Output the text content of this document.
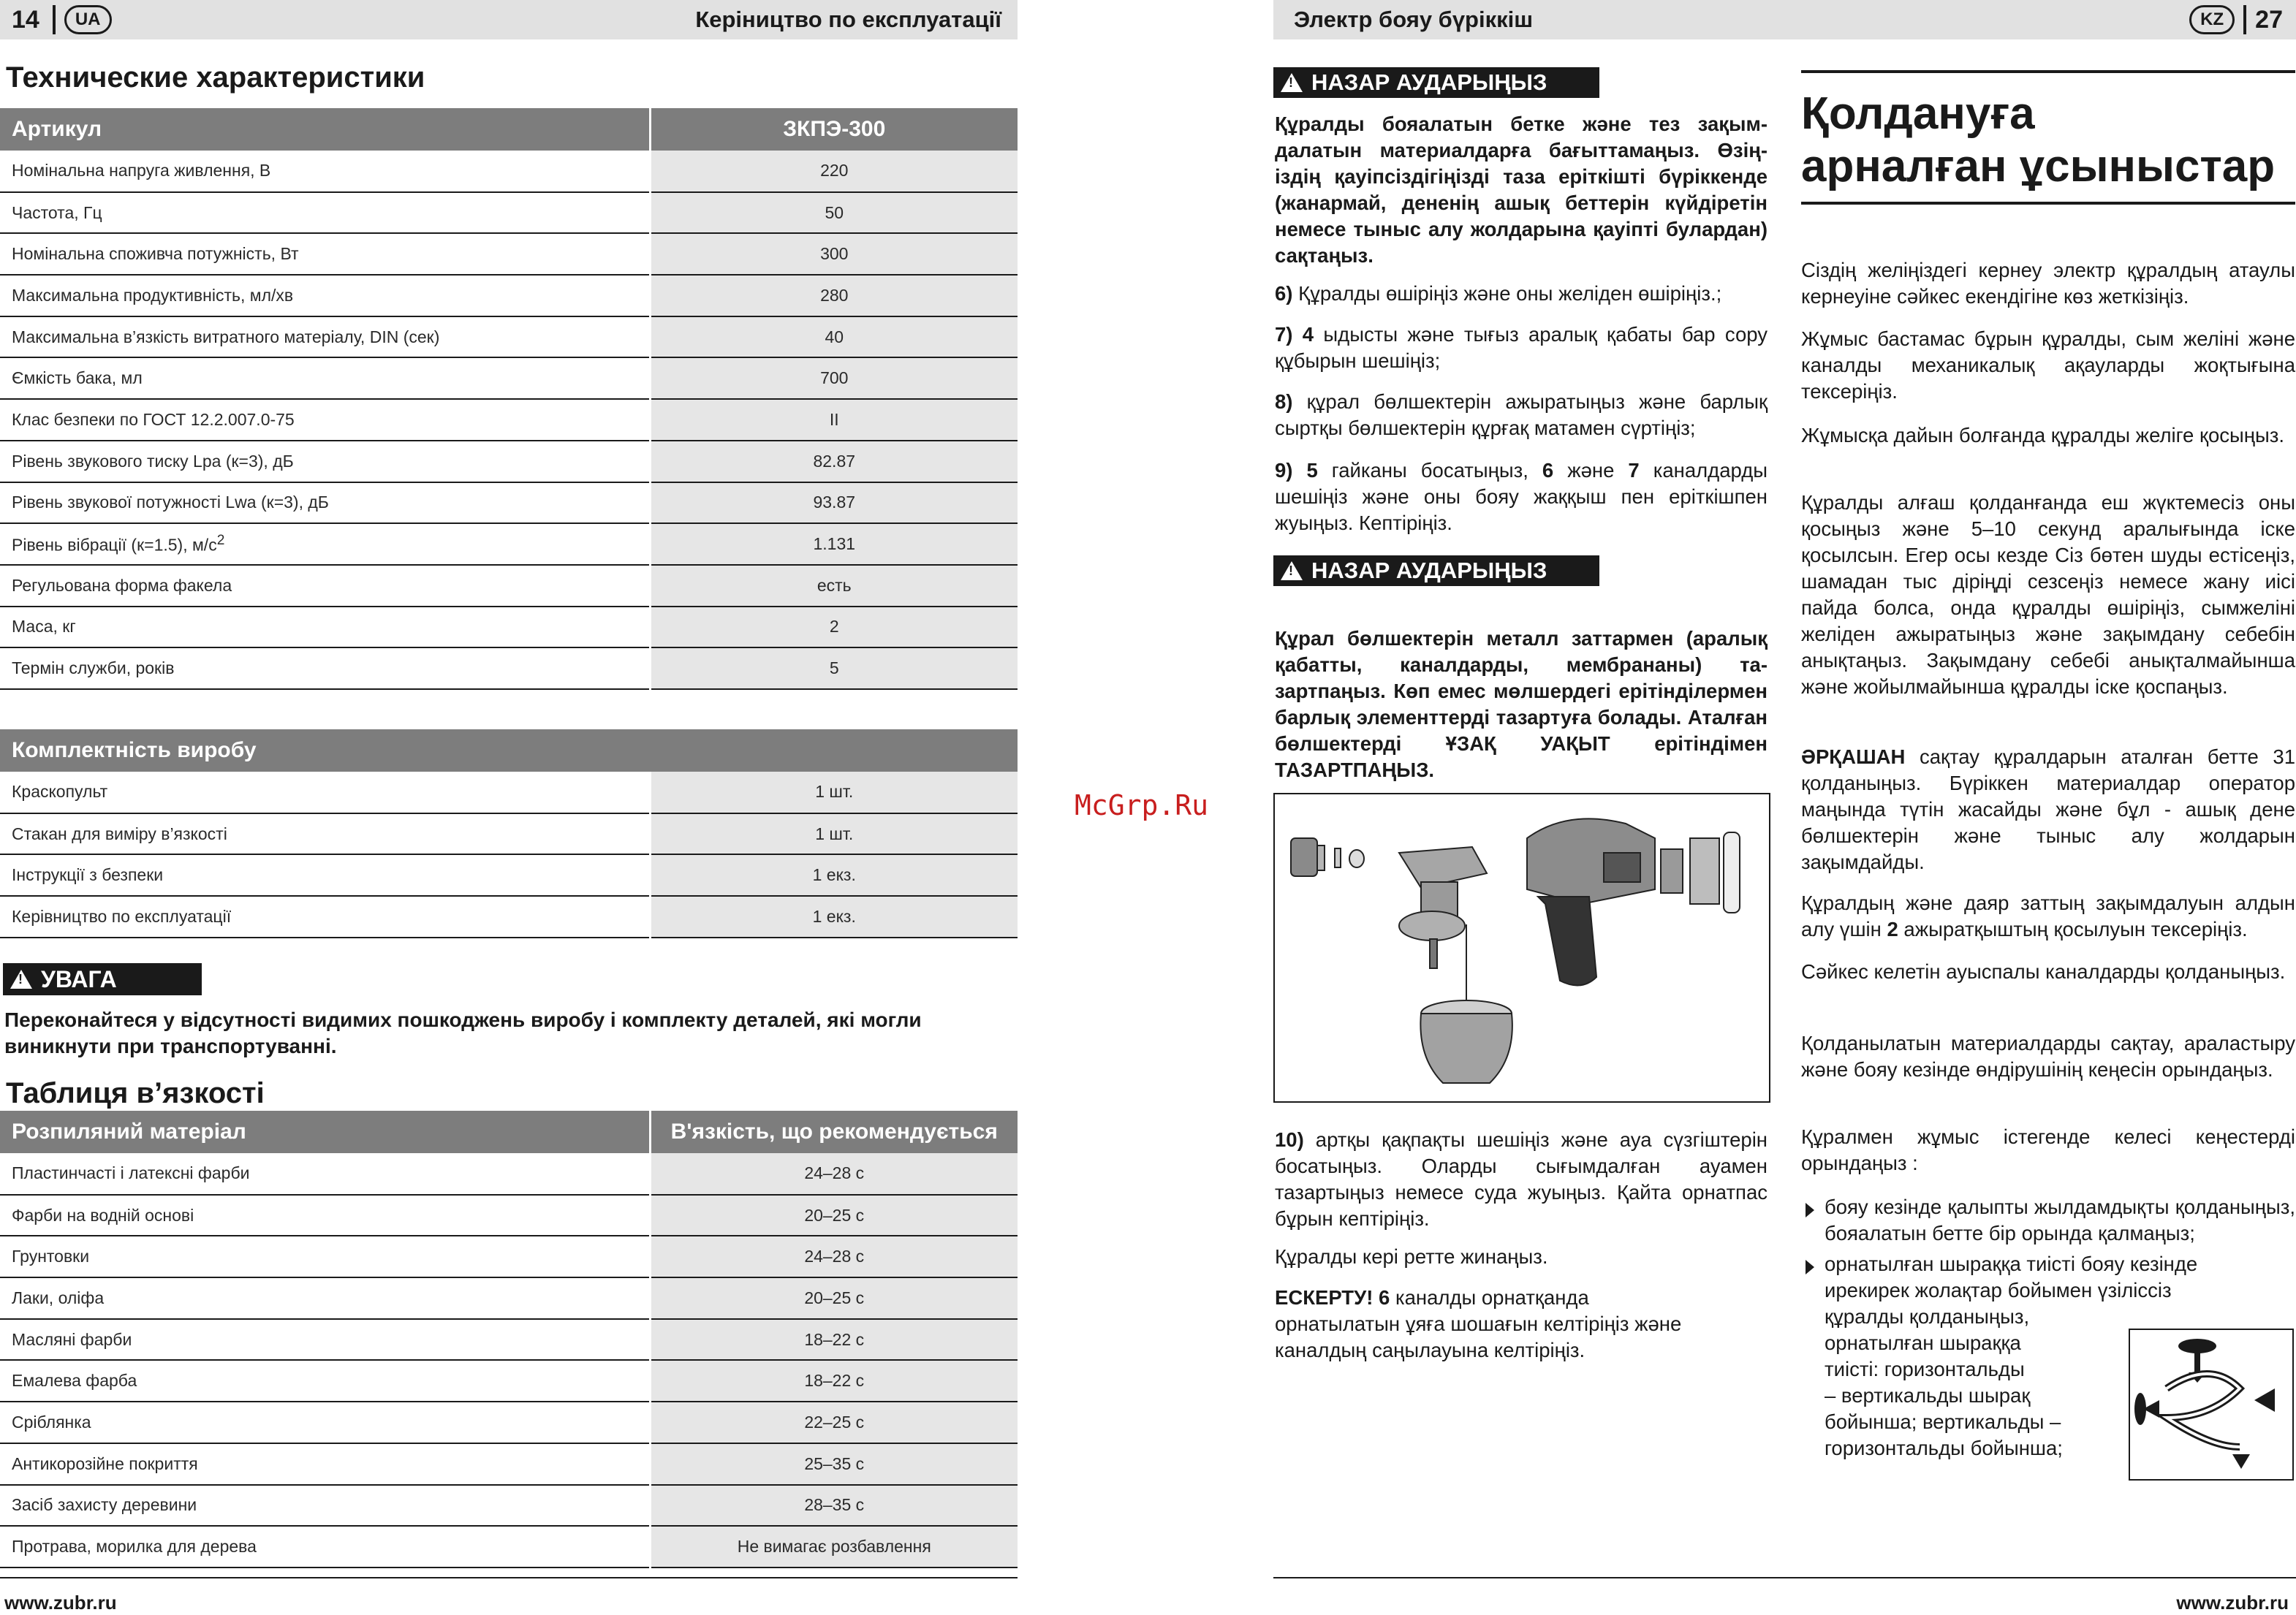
14	UA	Керіництво по експлуатації	Электр бояу бүріккіш	KZ	27
Технические характеристики
Артикул	ЗКПЭ-300
Номінальна напруга живлення, В	220
Частота, Гц	50
Номінальна споживча потужність, Вт	300
Максимальна продуктивність, мл/хв	280
Максимальна в’язкість витратного матеріалу, DIN (сек)	40
Ємкість бака, мл	700
Клас безпеки по ГОСТ 12.2.007.0-75	II
Рівень звукового тиску Lpa (к=3), дБ	82.87
Рівень звукової потужності Lwa (к=3), дБ	93.87
Рівень вібрації (к=1.5), $м/с^2$	1.131
Регульована форма факела	есть
Маса, кг	2
Термін служби, років	5
Комплектність виробу	
Краскопульт	1 шт.
Стакан для виміру в’язкості	1 шт.
Інструкції з безпеки	1 екз.
Керівництво по експлуатації	1 екз.
!
УВАГА
Переконайтеся у відсутності видимих пошкоджень виробу і комплекту деталей, які могли виникнути при транспортуванні.
Таблиця в’язкості
Розпиляний матеріал	В'язкість, що рекомендується
Пластинчасті і латексні фарби	24–28 с
Фарби на водній основі	20–25 с
Грунтовки	24–28 с
Лаки, оліфа	20–25 с
Масляні фарби	18–22 с
Емалева фарба	18–22 с
Сріблянка	22–25 с
Антикорозійне покриття	25–35 с
Засіб захисту деревини	28–35 с
Протрава, морилка для дерева	Не вимагає розбавлення
www.zubr.ru	www.zubr.ru
McGrp.Ru
!
НАЗАР АУДАРЫҢЫЗ
Құралды бояалатын бетке және тез зақымдалатын материалдарға бағыттамаңыз. Өзіңіздің қауіпсіздігіңізді таза еріткішті бүріккенде (жанармай, дененің ашық беттерін күйдіретін немесе тыныс алу жолдарына қауіпті булардан) сақтаңыз.
6) Құралды өшіріңіз және оны желіден өшіріңіз.;
7) 4 ыдысты және тығыз аралық қабаты бар сору құбырын шешіңіз;
8) құрал бөлшектерін ажыратыңыз және барлық сыртқы бөлшектерін құрғақ матамен сүртіңіз;
9) 5 гайканы босатыңыз, 6 және 7 каналдарды шешіңіз және оны бояу жаққыш пен еріткішпен жуыңыз. Кептіріңіз.
!
НАЗАР АУДАРЫҢЫЗ
Құрал бөлшектерін металл заттармен (аралық қабатты, каналдарды, мембрананы) тазартпаңыз. Көп емес мөлшердегі ерітінділермен барлық элементтерді тазартуға болады. Аталған бөлшектерді ҰЗАҚ УАҚЫТ ерітіндімен ТАЗАРТПАҢЫЗ.
10) артқы қақпақты шешіңіз және ауа сүзгіштерін босатыңыз. Оларды сығымдалған ауамен тазартыңыз немесе суда жуыңыз. Қайта орнатпас бұрын кептіріңіз.
Құралды кері ретте жинаңыз.
ЕСКЕРТУ! 6 каналды орнатқанда орнатылатын ұяға шошағын келтіріңіз және каналдың саңылауына келтіріңіз.
Қолдануға
арналған ұсыныстар
Сіздің желіңіздегі кернеу электр құралдың атаулы кернеуіне сәйкес екендігіне көз жеткізіңіз.
Жұмыс бастамас бұрын құралды, сым желіні және каналды механикалық ақауларды жоқтығына тексеріңіз.
Жұмысқа дайын болғанда құралды желіге қосыңыз.
Құралды алғаш қолданғанда еш жүктемесіз оны қосыңыз және 5–10 секунд аралығында іске қосылсын. Егер осы кезде Сіз бөтен шуды естісеңіз, шамадан тыс діріңді сезсеңіз немесе жану иісі пайда болса, онда құралды өшіріңіз, сымжеліні желіден ажыратыңыз және зақымдану себебін анықтаңыз. Зақымдану себебі анықталмайынша және жойылмайынша құралды іске қоспаңыз.
ӘРҚАШАН сақтау құралдарын аталған бетте 31 қолданыңыз. Бүріккен материалдар оператор маңында түтін жасайды және бұл - ашық дене бөлшектерін және тыныс алу жолдарын зақымдайды.
Құралдың және даяр заттың зақымдалуын алдын алу үшін 2 ажыратқыштың қосылуын тексеріңіз.
Сәйкес келетін ауыспалы каналдарды қолданыңыз.
Қолданылатын материалдарды сақтау, араластыру және бояу кезінде өндірушінің кеңесін орындаңыз.
Құралмен жұмыс істегенде келесі кеңестерді орындаңыз :
бояу кезінде қалыпты жылдамдықты қолданыңыз, бояалатын бетте бір орында қалмаңыз;
орнатылған шыраққа тиісті бояу кезінде
ирекирек жолақтар бойымен үзіліссіз
құралды қолданыңыз,
орнатылған шыраққа
тиісті: горизонтальды
– вертикальды шырақ
бойынша; вертикальды –
горизонтальды бойынша;
